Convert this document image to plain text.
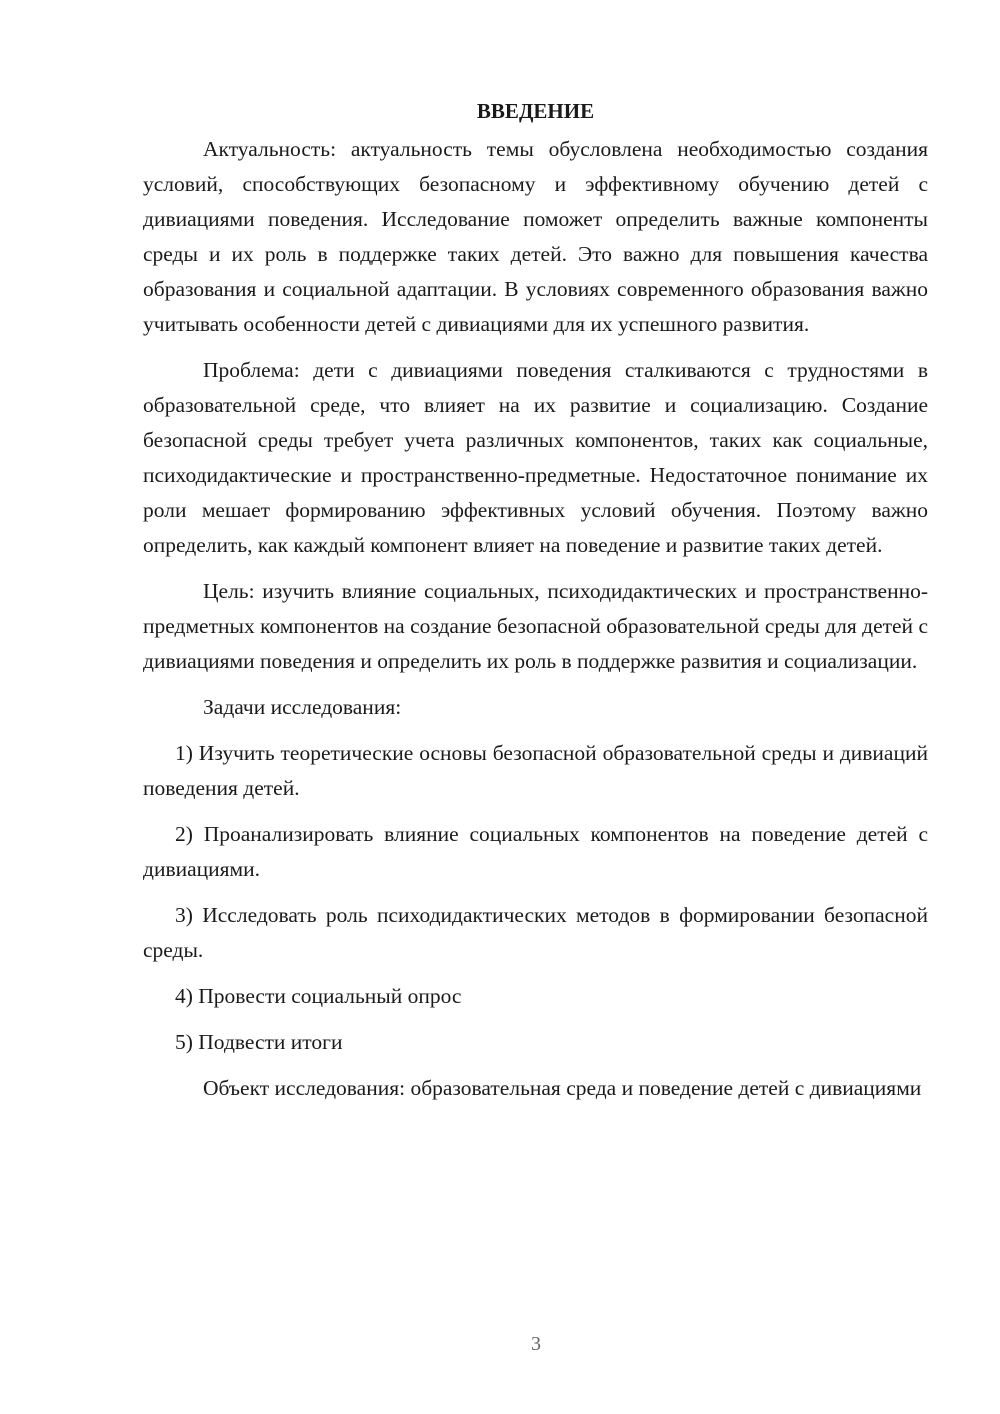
ВВЕДЕНИЕ

Актуальность: актуальность темы обусловлена необходимостью создания условий, способствующих безопасному и эффективному обучению детей с дивиациями поведения. Исследование поможет определить важные компоненты среды и их роль в поддержке таких детей. Это важно для повышения качества образования и социальной адаптации. В условиях современного образования важно учитывать особенности детей с дивиациями для их успешного развития.

Проблема: дети с дивиациями поведения сталкиваются с трудностями в образовательной среде, что влияет на их развитие и социализацию. Создание безопасной среды требует учета различных компонентов, таких как социальные, психодидактические и пространственно-предметные. Недостаточное понимание их роли мешает формированию эффективных условий обучения. Поэтому важно определить, как каждый компонент влияет на поведение и развитие таких детей.

Цель: изучить влияние социальных, психодидактических и пространственно-предметных компонентов на создание безопасной образовательной среды для детей с дивиациями поведения и определить их роль в поддержке развития и социализации.

Задачи исследования:

1) Изучить теоретические основы безопасной образовательной среды и дивиаций поведения детей.

2) Проанализировать влияние социальных компонентов на поведение детей с дивиациями.

3) Исследовать роль психодидактических методов в формировании безопасной среды.

4) Провести социальный опрос

5) Подвести итоги

Объект исследования: образовательная среда и поведение детей с дивиациями

3
